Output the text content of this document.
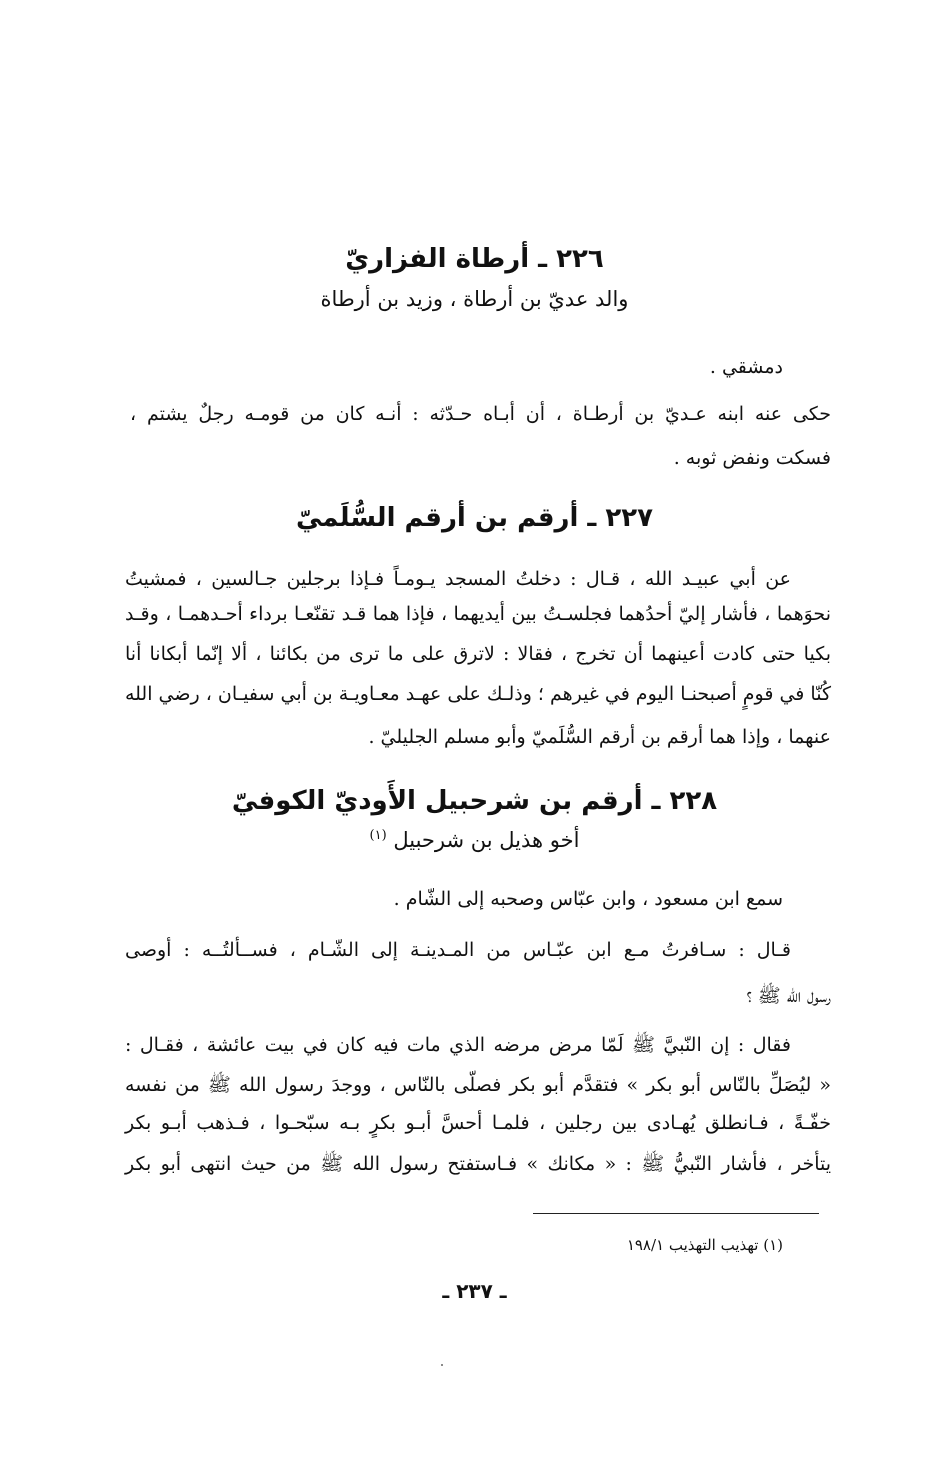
٢٢٦ ـ أرطاة الفزاريّ
والد عديّ بن أرطاة ، وزيد بن أرطاة
دمشقي .
حكى عنه ابنه عـديّ بن أرطـاة ، أن أبـاه حـدّثه : أنـه كان من قومـه رجلٌ يشتم ،
فسكت ونفض ثوبه .
٢٢٧ ـ أرقم بن أرقم السُّلَميّ
عن أبي عبيـد الله ، قـال : دخلتُ المسجد يـومـاً فـإذا برجلين جـالسين ، فمشيتُ
نحوَهما ، فأشار إليّ أحدُهما فجلسـتُ بين أيديهما ، فإذا هما قـد تقنّعـا برداء أحـدهمـا ، وقـد
بكيا حتى كادت أعينهما أن تخرج ، فقالا : لاترق على ما ترى من بكائنا ، ألا إنّما أبكانا أنا
كُنّا في قومٍ أصبحنـا اليوم في غيرهم ؛ وذلـك على عهـد معـاويـة بن أبي سفيـان ، رضي الله
عنهما ، وإذا هما أرقم بن أرقم السُّلَميّ وأبو مسلم الجليليّ .
٢٢٨ ـ أرقم بن شرحبيل الأَوديّ الكوفيّ
أخو هذيل بن شرحبيل $^{(١)}$
سمع ابن مسعود ، وابن عبّاس وصحبه إلى الشّام .
قـال : سـافرتُ مـع ابن عبّـاس من المـدينـة إلى الشّـام ، فســألتُــه : أوصى
رسول الله ﷺ ؟
فقال : إن النّبيَّ ﷺ لَمّا مرض مرضه الذي مات فيه كان في بيت عائشة ، فقـال :
« ليُصَلِّ بالنّاس أبو بكر » فتقدَّم أبو بكر فصلّى بالنّاس ، ووجدَ رسول الله ﷺ من نفسه
خفّـةً ، فـانطلق يُهـادى بين رجلين ، فلمـا أحسَّ أبـو بكرٍ بـه سبّحـوا ، فـذهب أبـو بكر
يتأخر ، فأشار النّبيُّ ﷺ : « مكانك » فـاستفتح رسول الله ﷺ من حيث انتهى أبو بكر
(١) تهذيب التهذيب ١٩٨/١
ـ ٢٣٧ ـ
